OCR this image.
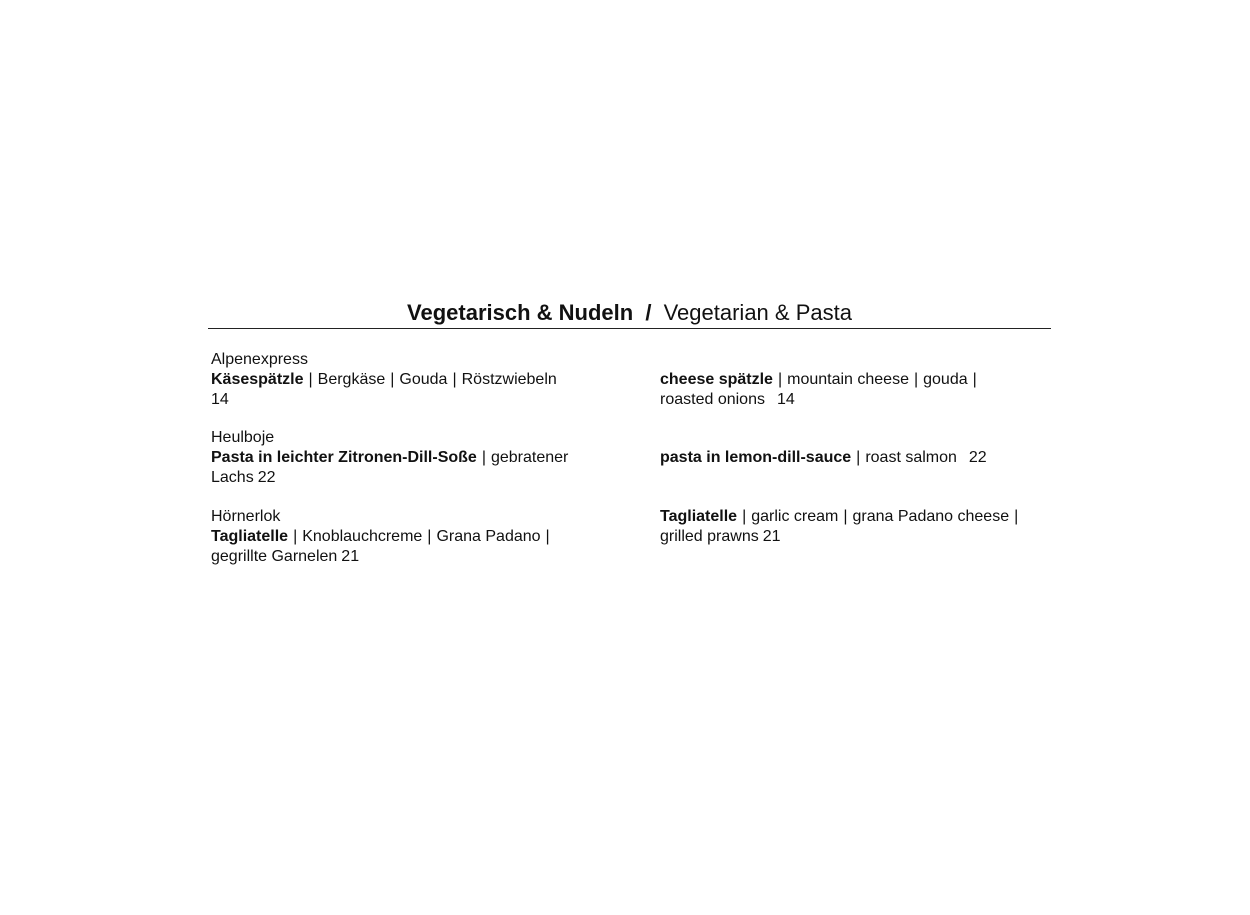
Vegetarisch & Nudeln / Vegetarian & Pasta
Alpenexpress
Käsespätzle | Bergkäse | Gouda | Röstzwiebeln
14
Heulboje
Pasta in leichter Zitronen-Dill-Soße | gebratener
Lachs 22
Hörnerlok
Tagliatelle | Knoblauchcreme | Grana Padano |
gegrillte Garnelen 21
cheese spätzle | mountain cheese | gouda |
roasted onions 14
pasta in lemon-dill-sauce | roast salmon 22
Tagliatelle | garlic cream | grana Padano cheese |
grilled prawns 21
